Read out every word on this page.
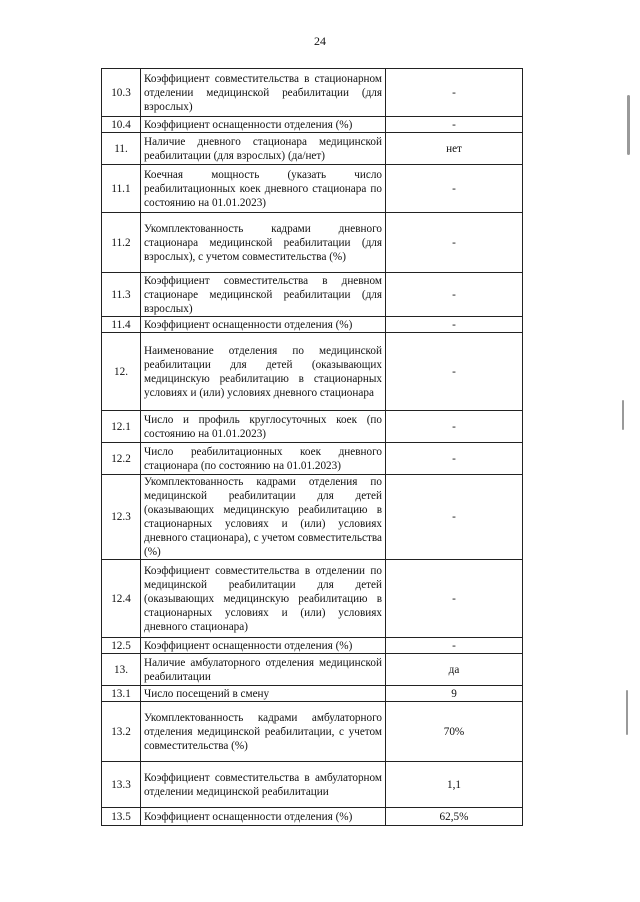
24
10.3	Коэффициент совместительства в стационарном отделении медицинской реабилитации (для взрослых)	-
10.4	Коэффициент оснащенности отделения (%)	-
11.	Наличие дневного стационара медицинской реабилитации (для взрослых) (да/нет)	нет
11.1	Коечная мощность (указать число реабилитационных коек дневного стационара по состоянию на 01.01.2023)	-
11.2	Укомплектованность кадрами дневного стационара медицинской реабилитации (для взрослых), с учетом совместительства (%)	-
11.3	Коэффициент совместительства в дневном стационаре медицинской реабилитации (для взрослых)	-
11.4	Коэффициент оснащенности отделения (%)	-
12.	Наименование отделения по медицинской реабилитации для детей (оказывающих медицинскую реабилитацию в стационарных условиях и (или) условиях дневного стационара	-
12.1	Число и профиль круглосуточных коек (по состоянию на 01.01.2023)	-
12.2	Число реабилитационных коек дневного стационара (по состоянию на 01.01.2023)	-
12.3	Укомплектованность кадрами отделения по медицинской реабилитации для детей (оказывающих медицинскую реабилитацию в стационарных условиях и (или) условиях дневного стационара), с учетом совместительства (%)	-
12.4	Коэффициент совместительства в отделении по медицинской реабилитации для детей (оказывающих медицинскую реабилитацию в стационарных условиях и (или) условиях дневного стационара)	-
12.5	Коэффициент оснащенности отделения (%)	-
13.	Наличие амбулаторного отделения медицинской реабилитации	да
13.1	Число посещений в смену	9
13.2	Укомплектованность кадрами амбулаторного отделения медицинской реабилитации, с учетом совместительства (%)	70%
13.3	Коэффициент совместительства в амбулаторном отделении медицинской реабилитации	1,1
13.5	Коэффициент оснащенности отделения (%)	62,5%
